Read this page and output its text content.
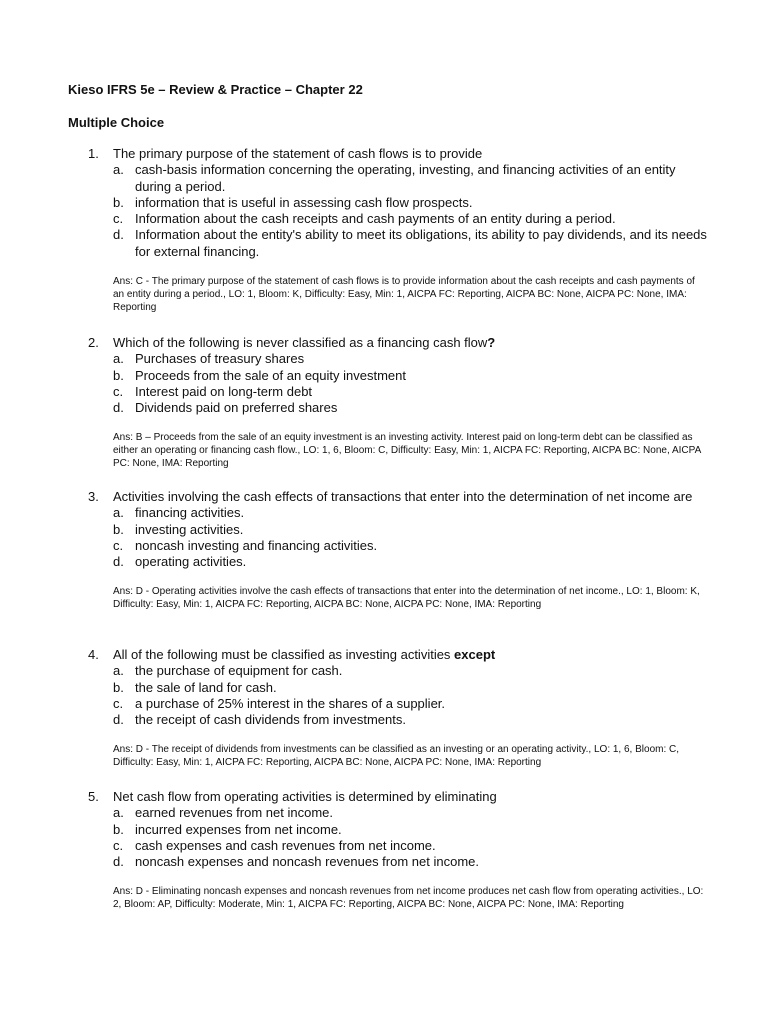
Kieso IFRS 5e – Review & Practice – Chapter 22
Multiple Choice
1. The primary purpose of the statement of cash flows is to provide
a. cash-basis information concerning the operating, investing, and financing activities of an entity during a period.
b. information that is useful in assessing cash flow prospects.
c. Information about the cash receipts and cash payments of an entity during a period.
d. Information about the entity's ability to meet its obligations, its ability to pay dividends, and its needs for external financing.
Ans: C - The primary purpose of the statement of cash flows is to provide information about the cash receipts and cash payments of an entity during a period., LO: 1, Bloom: K, Difficulty: Easy, Min: 1, AICPA FC: Reporting, AICPA BC: None, AICPA PC: None, IMA: Reporting
2. Which of the following is never classified as a financing cash flow?
a. Purchases of treasury shares
b. Proceeds from the sale of an equity investment
c. Interest paid on long-term debt
d. Dividends paid on preferred shares
Ans: B – Proceeds from the sale of an equity investment is an investing activity. Interest paid on long-term debt can be classified as either an operating or financing cash flow., LO: 1, 6, Bloom: C, Difficulty: Easy, Min: 1, AICPA FC: Reporting, AICPA BC: None, AICPA PC: None, IMA: Reporting
3. Activities involving the cash effects of transactions that enter into the determination of net income are
a. financing activities.
b. investing activities.
c. noncash investing and financing activities.
d. operating activities.
Ans: D - Operating activities involve the cash effects of transactions that enter into the determination of net income., LO: 1, Bloom: K, Difficulty: Easy, Min: 1, AICPA FC: Reporting, AICPA BC: None, AICPA PC: None, IMA: Reporting
4. All of the following must be classified as investing activities except
a. the purchase of equipment for cash.
b. the sale of land for cash.
c. a purchase of 25% interest in the shares of a supplier.
d. the receipt of cash dividends from investments.
Ans: D - The receipt of dividends from investments can be classified as an investing or an operating activity., LO: 1, 6, Bloom: C, Difficulty: Easy, Min: 1, AICPA FC: Reporting, AICPA BC: None, AICPA PC: None, IMA: Reporting
5. Net cash flow from operating activities is determined by eliminating
a. earned revenues from net income.
b. incurred expenses from net income.
c. cash expenses and cash revenues from net income.
d. noncash expenses and noncash revenues from net income.
Ans: D - Eliminating noncash expenses and noncash revenues from net income produces net cash flow from operating activities., LO: 2, Bloom: AP, Difficulty: Moderate, Min: 1, AICPA FC: Reporting, AICPA BC: None, AICPA PC: None, IMA: Reporting
